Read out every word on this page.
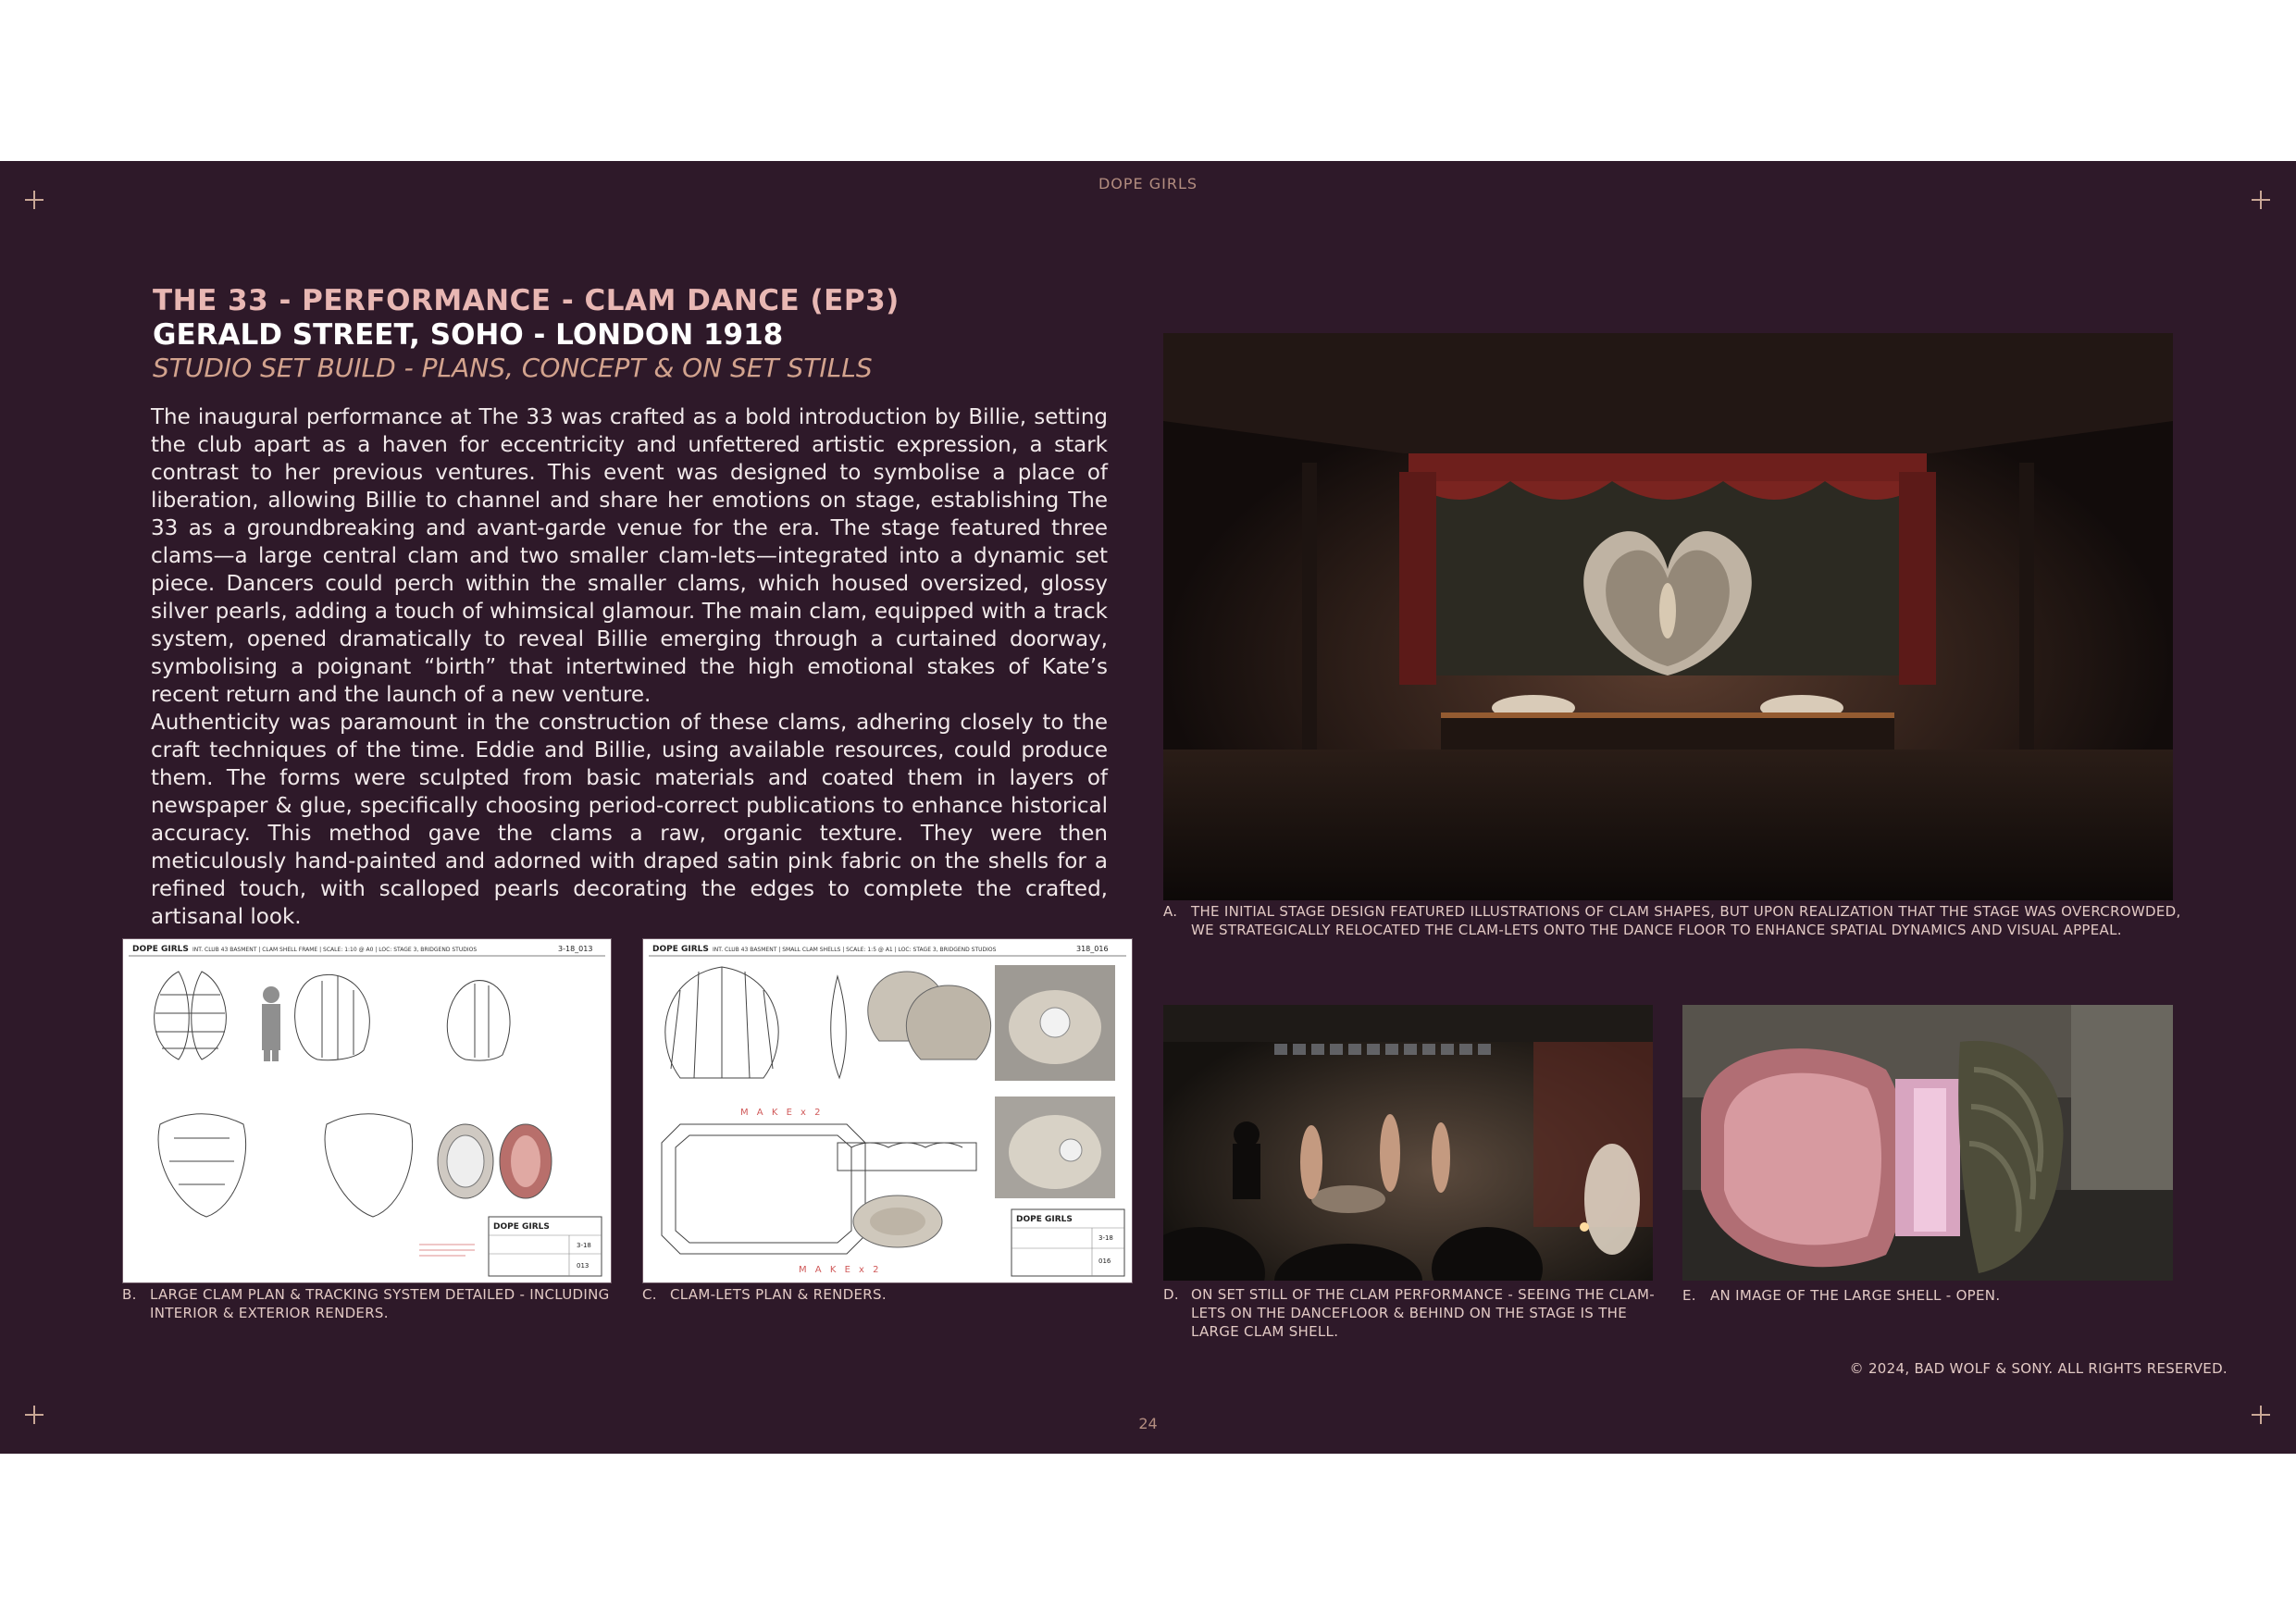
DOPE GIRLS
THE 33 - PERFORMANCE - CLAM DANCE (EP3)
GERALD STREET, SOHO - LONDON 1918
STUDIO SET BUILD - PLANS, CONCEPT & ON SET STILLS
The inaugural performance at The 33 was crafted as a bold introduction by Billie, setting the club apart as a haven for eccentricity and unfettered artistic expression, a stark contrast to her previous ventures. This event was designed to symbolise a place of liberation, allowing Billie to channel and share her emotions on stage, establishing The 33 as a groundbreaking and avant-garde venue for the era. The stage featured three clams—a large central clam and two smaller clam-lets—integrated into a dynamic set piece. Dancers could perch within the smaller clams, which housed oversized, glossy silver pearls, adding a touch of whimsical glamour. The main clam, equipped with a track system, opened dramatically to reveal Billie emerging through a curtained doorway, symbolising a poignant “birth” that intertwined the high emotional stakes of Kate’s recent return and the launch of a new venture.
Authenticity was paramount in the construction of these clams, adhering closely to the craft techniques of the time. Eddie and Billie, using available resources, could produce them. The forms were sculpted from basic materials and coated them in layers of newspaper & glue, specifically choosing period-correct publications to enhance historical accuracy. This method gave the clams a raw, organic texture. They were then meticulously hand-painted and adorned with draped satin pink fabric on the shells for a refined touch, with scalloped pearls decorating the edges to complete the crafted, artisanal look.	A. THE INITIAL STAGE DESIGN FEATURED ILLUSTRATIONS OF CLAM SHAPES, BUT UPON REALIZATION THAT THE STAGE WAS OVERCROWDED, WE STRATEGICALLY RELOCATED THE CLAM-LETS ONTO THE DANCE FLOOR TO ENHANCE SPATIAL DYNAMICS AND VISUAL APPEAL.
DOPE GIRLS INT. CLUB 43 BASMENT | CLAM SHELL FRAME | SCALE: 1:10 @ A0 | LOC: STAGE 3, BRIDGEND STUDIOS	3-18_013
DOPE GIRLS
3-18
013
B. LARGE CLAM PLAN & TRACKING SYSTEM DETAILED - INCLUDING INTERIOR & EXTERIOR RENDERS.
DOPE GIRLS INT. CLUB 43 BASMENT | SMALL CLAM SHELLS | SCALE: 1:5 @ A1 | LOC: STAGE 3, BRIDGEND STUDIOS	318_016
M A K E x 2
M A K E x 2
DOPE GIRLS
3-18
016
C. CLAM-LETS PLAN & RENDERS.	D. ON SET STILL OF THE CLAM PERFORMANCE - SEEING THE CLAM-LETS ON THE DANCEFLOOR & BEHIND ON THE STAGE IS THE LARGE CLAM SHELL.
E. AN IMAGE OF THE LARGE SHELL - OPEN.
© 2024, BAD WOLF & SONY. ALL RIGHTS RESERVED.
24
